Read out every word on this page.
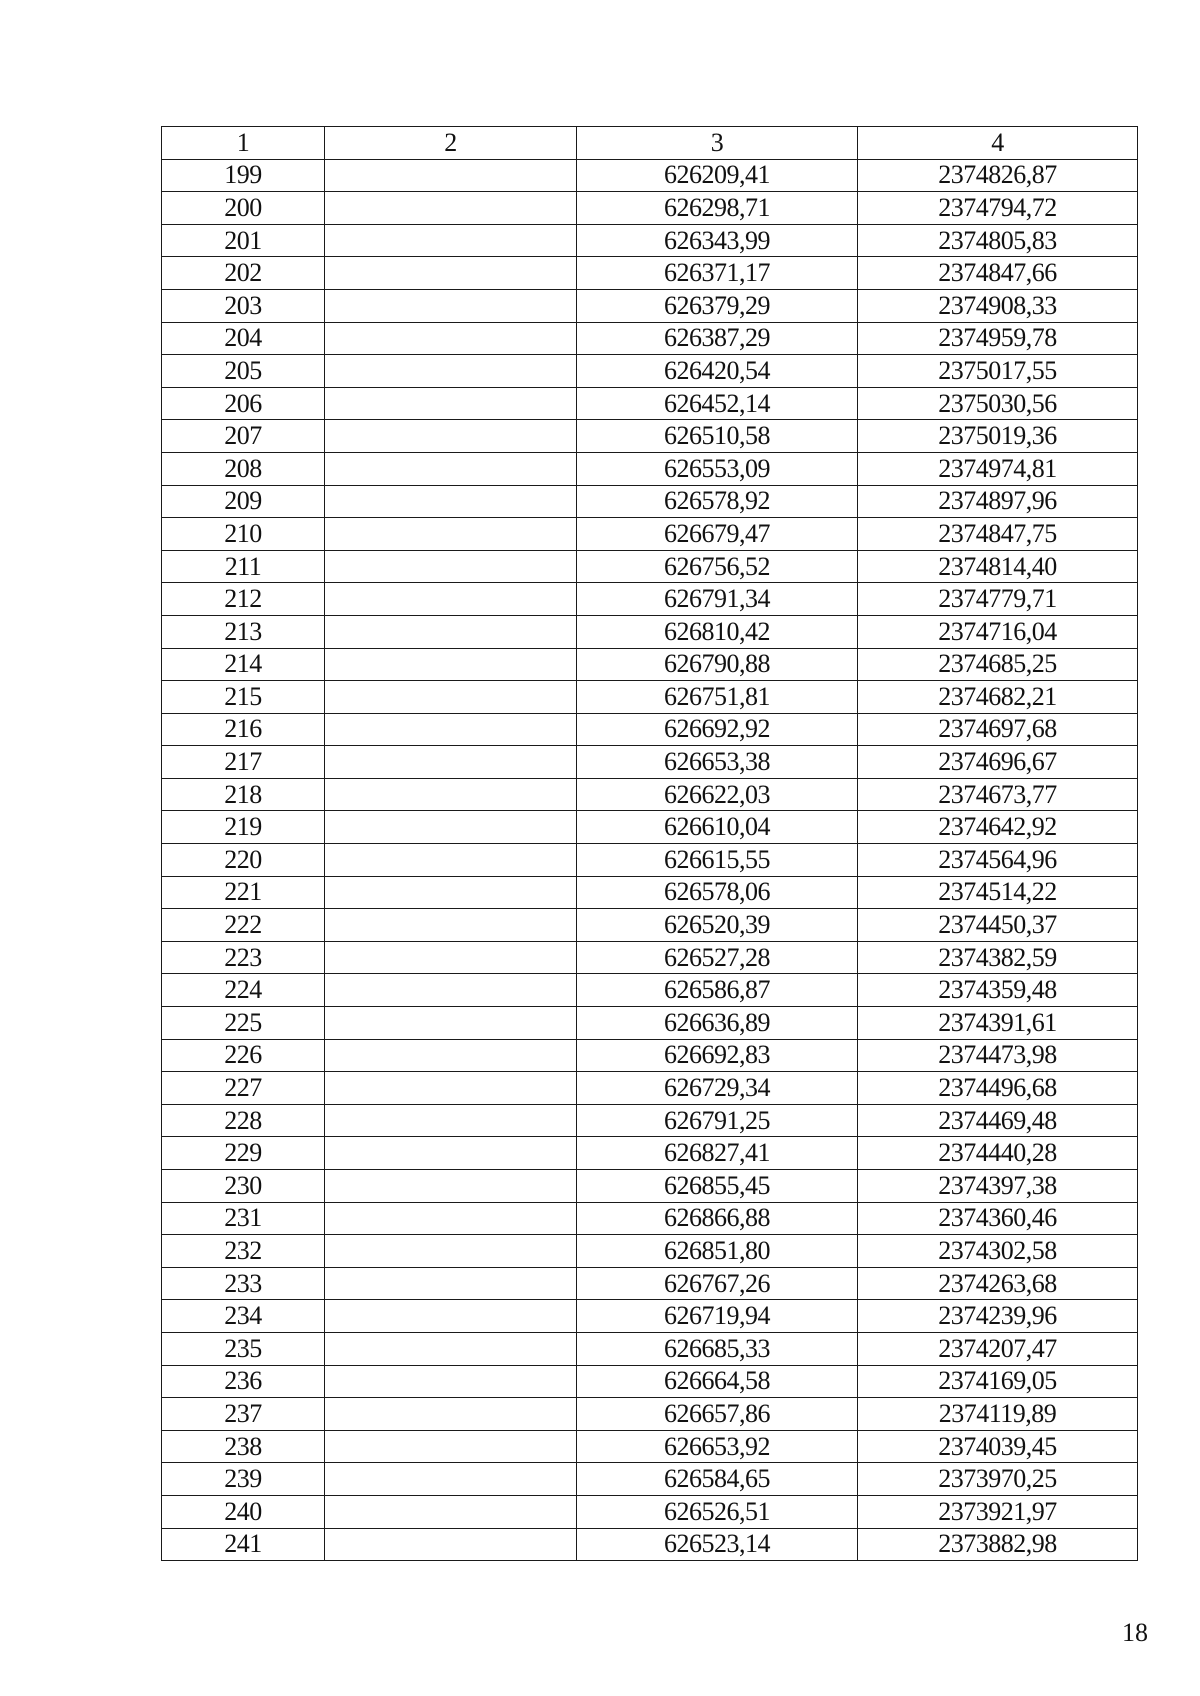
1	2	3	4
199		626209,41	2374826,87
200		626298,71	2374794,72
201		626343,99	2374805,83
202		626371,17	2374847,66
203		626379,29	2374908,33
204		626387,29	2374959,78
205		626420,54	2375017,55
206		626452,14	2375030,56
207		626510,58	2375019,36
208		626553,09	2374974,81
209		626578,92	2374897,96
210		626679,47	2374847,75
211		626756,52	2374814,40
212		626791,34	2374779,71
213		626810,42	2374716,04
214		626790,88	2374685,25
215		626751,81	2374682,21
216		626692,92	2374697,68
217		626653,38	2374696,67
218		626622,03	2374673,77
219		626610,04	2374642,92
220		626615,55	2374564,96
221		626578,06	2374514,22
222		626520,39	2374450,37
223		626527,28	2374382,59
224		626586,87	2374359,48
225		626636,89	2374391,61
226		626692,83	2374473,98
227		626729,34	2374496,68
228		626791,25	2374469,48
229		626827,41	2374440,28
230		626855,45	2374397,38
231		626866,88	2374360,46
232		626851,80	2374302,58
233		626767,26	2374263,68
234		626719,94	2374239,96
235		626685,33	2374207,47
236		626664,58	2374169,05
237		626657,86	2374119,89
238		626653,92	2374039,45
239		626584,65	2373970,25
240		626526,51	2373921,97
241		626523,14	2373882,98
18
